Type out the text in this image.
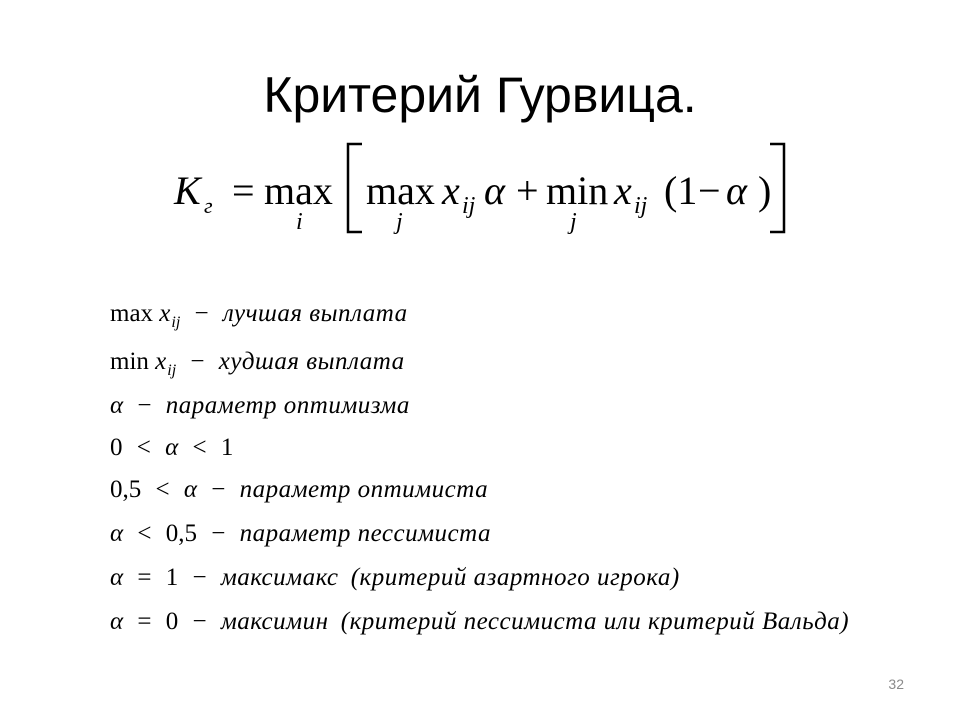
Критерий Гурвица.
K г = max
i
max
j
x ij α + min
j
x ij (1 − α )
$\max x_{ij}$ − лучшая выплата
$\min x_{ij}$ − худшая выплата
α − параметр оптимизма
0 < α < 1
0,5 < α − параметр оптимиста
α < 0,5 − параметр пессимиста
α = 1 − максимакс (критерий азартного игрока)
α = 0 − максимин (критерий пессимиста или критерий Вальда)
32
